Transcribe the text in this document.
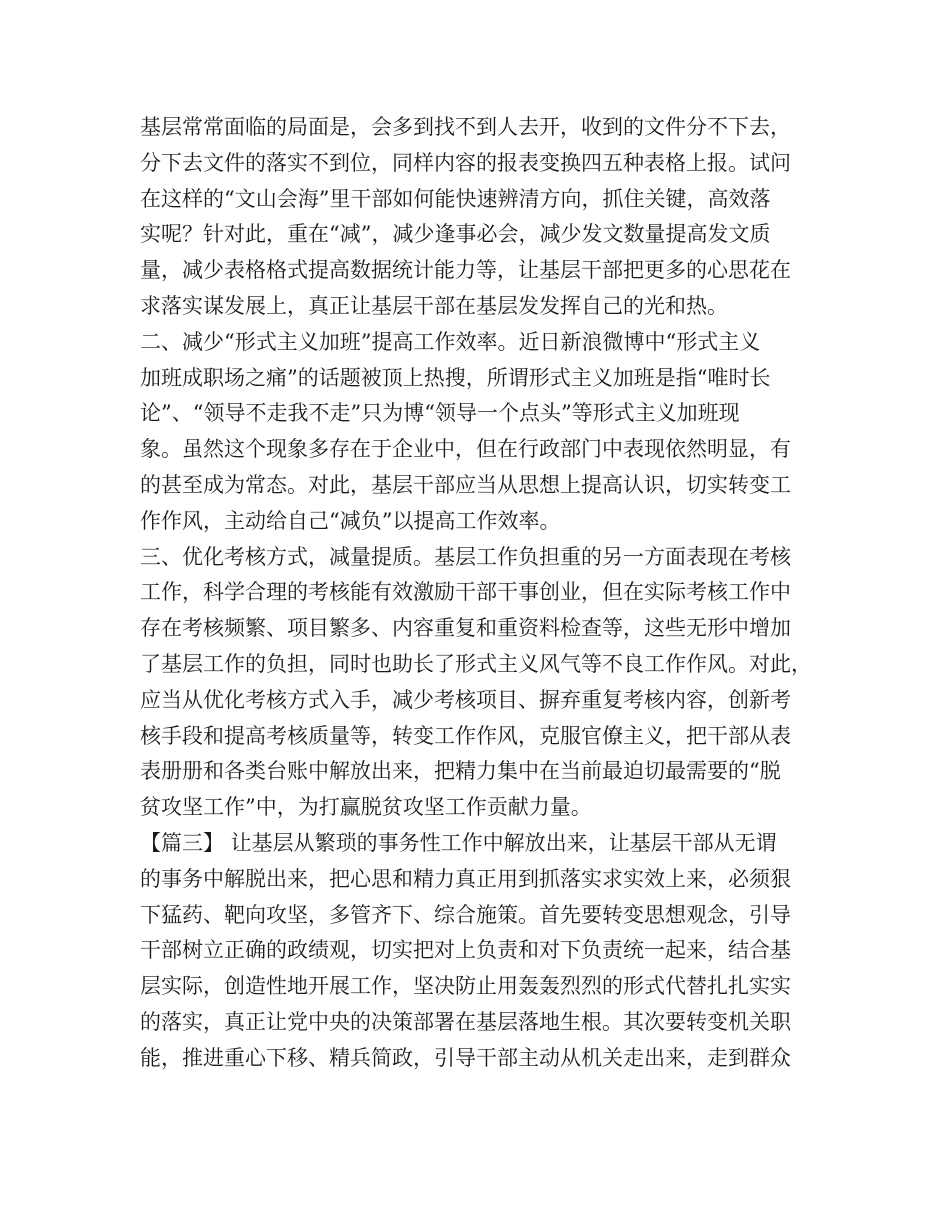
基层常常面临的局面是，会多到找不到人去开，收到的文件分不下去，
分下去文件的落实不到位，同样内容的报表变换四五种表格上报。试问
在这样的“文山会海”里干部如何能快速辨清方向，抓住关键，高效落
实呢？针对此，重在“减”，减少逢事必会，减少发文数量提高发文质
量，减少表格格式提高数据统计能力等，让基层干部把更多的心思花在
求落实谋发展上，真正让基层干部在基层发发挥自己的光和热。
二、减少“形式主义加班”提高工作效率。近日新浪微博中“形式主义
加班成职场之痛”的话题被顶上热搜，所谓形式主义加班是指“唯时长
论”、“领导不走我不走”只为博“领导一个点头”等形式主义加班现
象。虽然这个现象多存在于企业中，但在行政部门中表现依然明显，有
的甚至成为常态。对此，基层干部应当从思想上提高认识，切实转变工
作作风，主动给自己“减负”以提高工作效率。
三、优化考核方式，减量提质。基层工作负担重的另一方面表现在考核
工作，科学合理的考核能有效激励干部干事创业，但在实际考核工作中
存在考核频繁、项目繁多、内容重复和重资料检查等，这些无形中增加
了基层工作的负担，同时也助长了形式主义风气等不良工作作风。对此，
应当从优化考核方式入手，减少考核项目、摒弃重复考核内容，创新考
核手段和提高考核质量等，转变工作作风，克服官僚主义，把干部从表
表册册和各类台账中解放出来，把精力集中在当前最迫切最需要的“脱
贫攻坚工作”中，为打赢脱贫攻坚工作贡献力量。
【篇三】 让基层从繁琐的事务性工作中解放出来，让基层干部从无谓
的事务中解脱出来，把心思和精力真正用到抓落实求实效上来，必须狠
下猛药、靶向攻坚，多管齐下、综合施策。首先要转变思想观念，引导
干部树立正确的政绩观，切实把对上负责和对下负责统一起来，结合基
层实际，创造性地开展工作，坚决防止用轰轰烈烈的形式代替扎扎实实
的落实，真正让党中央的决策部署在基层落地生根。其次要转变机关职
能，推进重心下移、精兵简政，引导干部主动从机关走出来，走到群众
